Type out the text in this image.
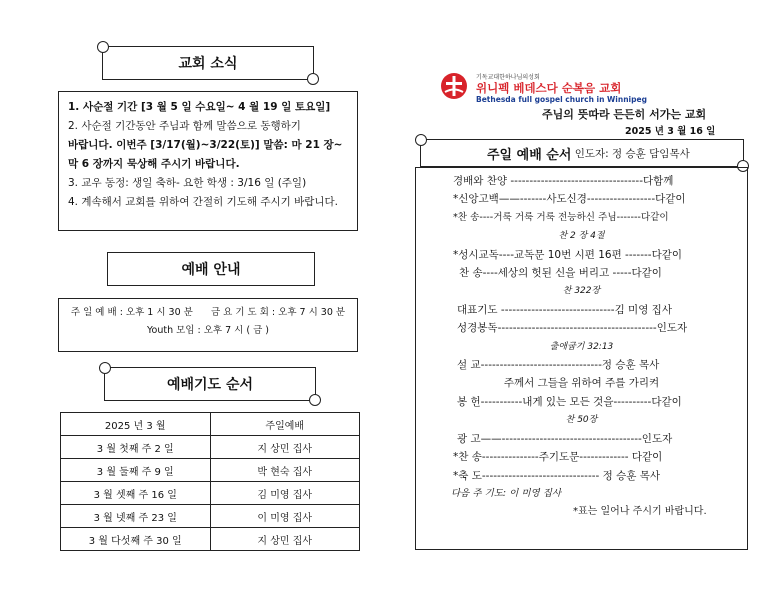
교회 소식
1. 사순절 기간 [3 월 5 일 수요일~ 4 월 19 일 토요일]
2. 사순절 기간동안 주님과 함께 말씀으로 동행하기
바랍니다. 이번주 [3/17(월)~3/22(토)] 말씀: 마 21 장~
막 6 장까지 묵상해 주시기 바랍니다.
3. 교우 동정: 생일 축하- 요한 학생 : 3/16 일 (주일)
4. 계속해서 교회를 위하여 간절히 기도해 주시기 바랍니다.
예배 안내
주 일 예 배 : 오후 1 시 30 분      금 요 기 도 회 : 오후 7 시 30 분
Youth 모임 : 오후 7 시 ( 금 )
예배기도 순서
2025 년 3 월	주일예배
3 월 첫째 주 2 일	지 상민 집사
3 월 둘째 주 9 일	박 현숙 집사
3 월 셋째 주 16 일	김 미영 집사
3 월 넷째 주 23 일	이 미영 집사
3 월 다섯째 주 30 일	지 상민 집사
기독교대한하나님의성회
위니펙 베데스다 순복음 교회
Bethesda full gospel church in Winnipeg
주님의 뜻따라 든든히 서가는 교회
2025 년 3 월 16 일
주일 예배 순서 인도자: 정 승훈 담임목사
경배와 찬양 -----------------------------------다함께
*신앙고백——-------사도신경------------------다같이
*찬 송----거룩 거룩 거룩 전능하신 주님-------다같이
찬 2 장 4절
*성시교독----교독문 10번 시편 16편 -------다같이
찬 송----세상의 헛된 신을 버리고 -----다같이
찬 322장
대표기도 ------------------------------김 미영 집사
성경봉독------------------------------------------인도자
출애굽기 32:13
설 교--------------------------------정 승훈 목사
주께서 그들을 위하여 주를 가리켜
봉 헌-----------내게 있는 모든 것을----------다같이
찬 50장
광 고——-------------------------------------인도자
*찬 송---------------주기도문------------- 다같이
*축 도------------------------------- 정 승훈 목사
다음 주 기도: 이 미영 집사
*표는 일어나 주시기 바랍니다.
